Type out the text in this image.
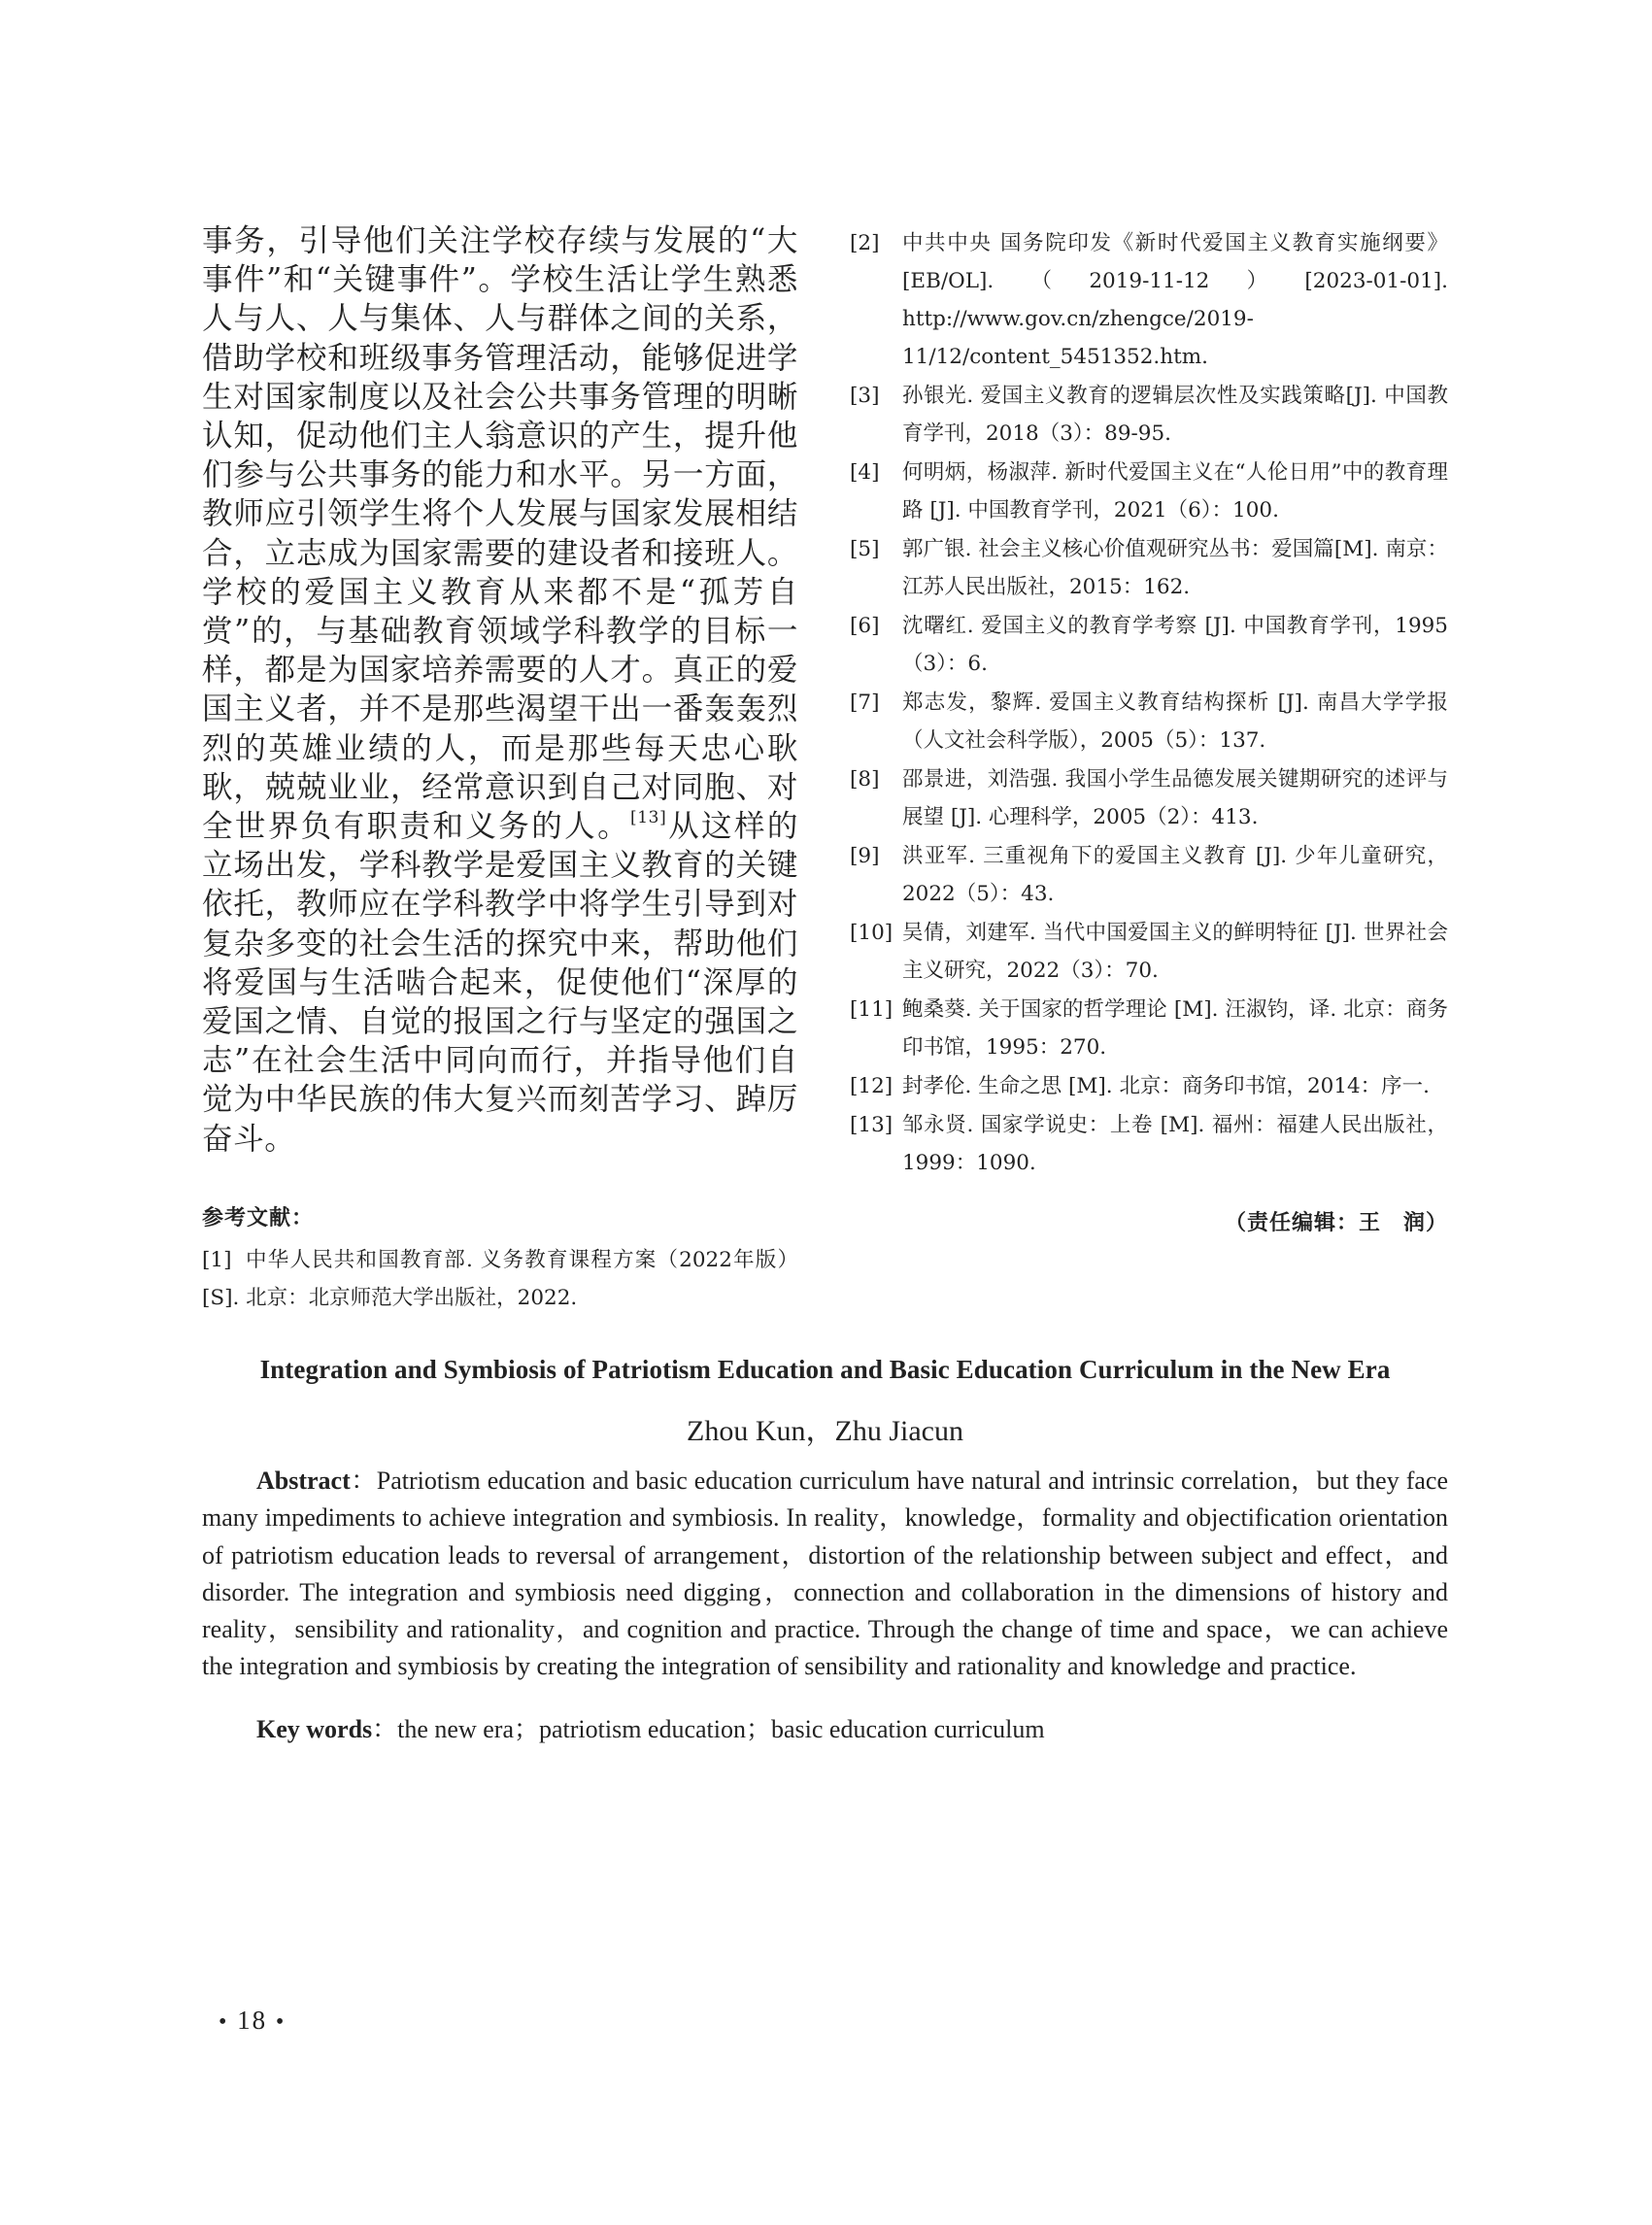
事务，引导他们关注学校存续与发展的“大事件”和“关键事件”。学校生活让学生熟悉人与人、人与集体、人与群体之间的关系，借助学校和班级事务管理活动，能够促进学生对国家制度以及社会公共事务管理的明晰认知，促动他们主人翁意识的产生，提升他们参与公共事务的能力和水平。另一方面，教师应引领学生将个人发展与国家发展相结合，立志成为国家需要的建设者和接班人。学校的爱国主义教育从来都不是“孤芳自赏”的，与基础教育领域学科教学的目标一样，都是为国家培养需要的人才。真正的爱国主义者，并不是那些渴望干出一番轰轰烈烈的英雄业绩的人，而是那些每天忠心耿耿，兢兢业业，经常意识到自己对同胞、对全世界负有职责和义务的人。[13]从这样的立场出发，学科教学是爱国主义教育的关键依托，教师应在学科教学中将学生引导到对复杂多变的社会生活的探究中来，帮助他们将爱国与生活啮合起来，促使他们“深厚的爱国之情、自觉的报国之行与坚定的强国之志”在社会生活中同向而行，并指导他们自觉为中华民族的伟大复兴而刻苦学习、踔厉奋斗。

参考文献：
[1] 中华人民共和国教育部. 义务教育课程方案（2022年版）[S]. 北京：北京师范大学出版社，2022.
[2]	中共中央 国务院印发《新时代爱国主义教育实施纲要》[EB/OL].（2019-11-12）[2023-01-01]. http://www.gov.cn/zhengce/2019-11/12/content_5451352.htm.
[3]	孙银光. 爱国主义教育的逻辑层次性及实践策略[J]. 中国教育学刊，2018（3）：89-95.
[4]	何明炳，杨淑萍. 新时代爱国主义在“人伦日用”中的教育理路 [J]. 中国教育学刊，2021（6）：100.
[5]	郭广银. 社会主义核心价值观研究丛书：爱国篇[M]. 南京：江苏人民出版社，2015：162.
[6]	沈曙红. 爱国主义的教育学考察 [J]. 中国教育学刊，1995（3）：6.
[7]	郑志发，黎辉. 爱国主义教育结构探析 [J]. 南昌大学学报（人文社会科学版），2005（5）：137.
[8]	邵景进，刘浩强. 我国小学生品德发展关键期研究的述评与展望 [J]. 心理科学，2005（2）：413.
[9]	洪亚军. 三重视角下的爱国主义教育 [J]. 少年儿童研究，2022（5）：43.
[10] 吴倩，刘建军. 当代中国爱国主义的鲜明特征 [J]. 世界社会主义研究，2022（3）：70.
[11] 鲍桑葵. 关于国家的哲学理论 [M]. 汪淑钧，译. 北京：商务印书馆，1995：270.
[12] 封孝伦. 生命之思 [M]. 北京：商务印书馆，2014：序一.
[13] 邹永贤. 国家学说史：上卷 [M]. 福州：福建人民出版社，1999：1090.
（责任编辑：王　润）
Integration and Symbiosis of Patriotism Education and Basic Education Curriculum in the New Era
Zhou Kun，Zhu Jiacun

Abstract：Patriotism education and basic education curriculum have natural and intrinsic correlation，but they face many impediments to achieve integration and symbiosis. In reality，knowledge，formality and objectification orientation of patriotism education leads to reversal of arrangement，distortion of the relationship between subject and effect，and disorder. The integration and symbiosis need digging，connection and collaboration in the dimensions of history and reality，sensibility and rationality，and cognition and practice. Through the change of time and space，we can achieve the integration and symbiosis by creating the integration of sensibility and rationality and knowledge and practice.

Key words：the new era；patriotism education；basic education curriculum

• 18 •
